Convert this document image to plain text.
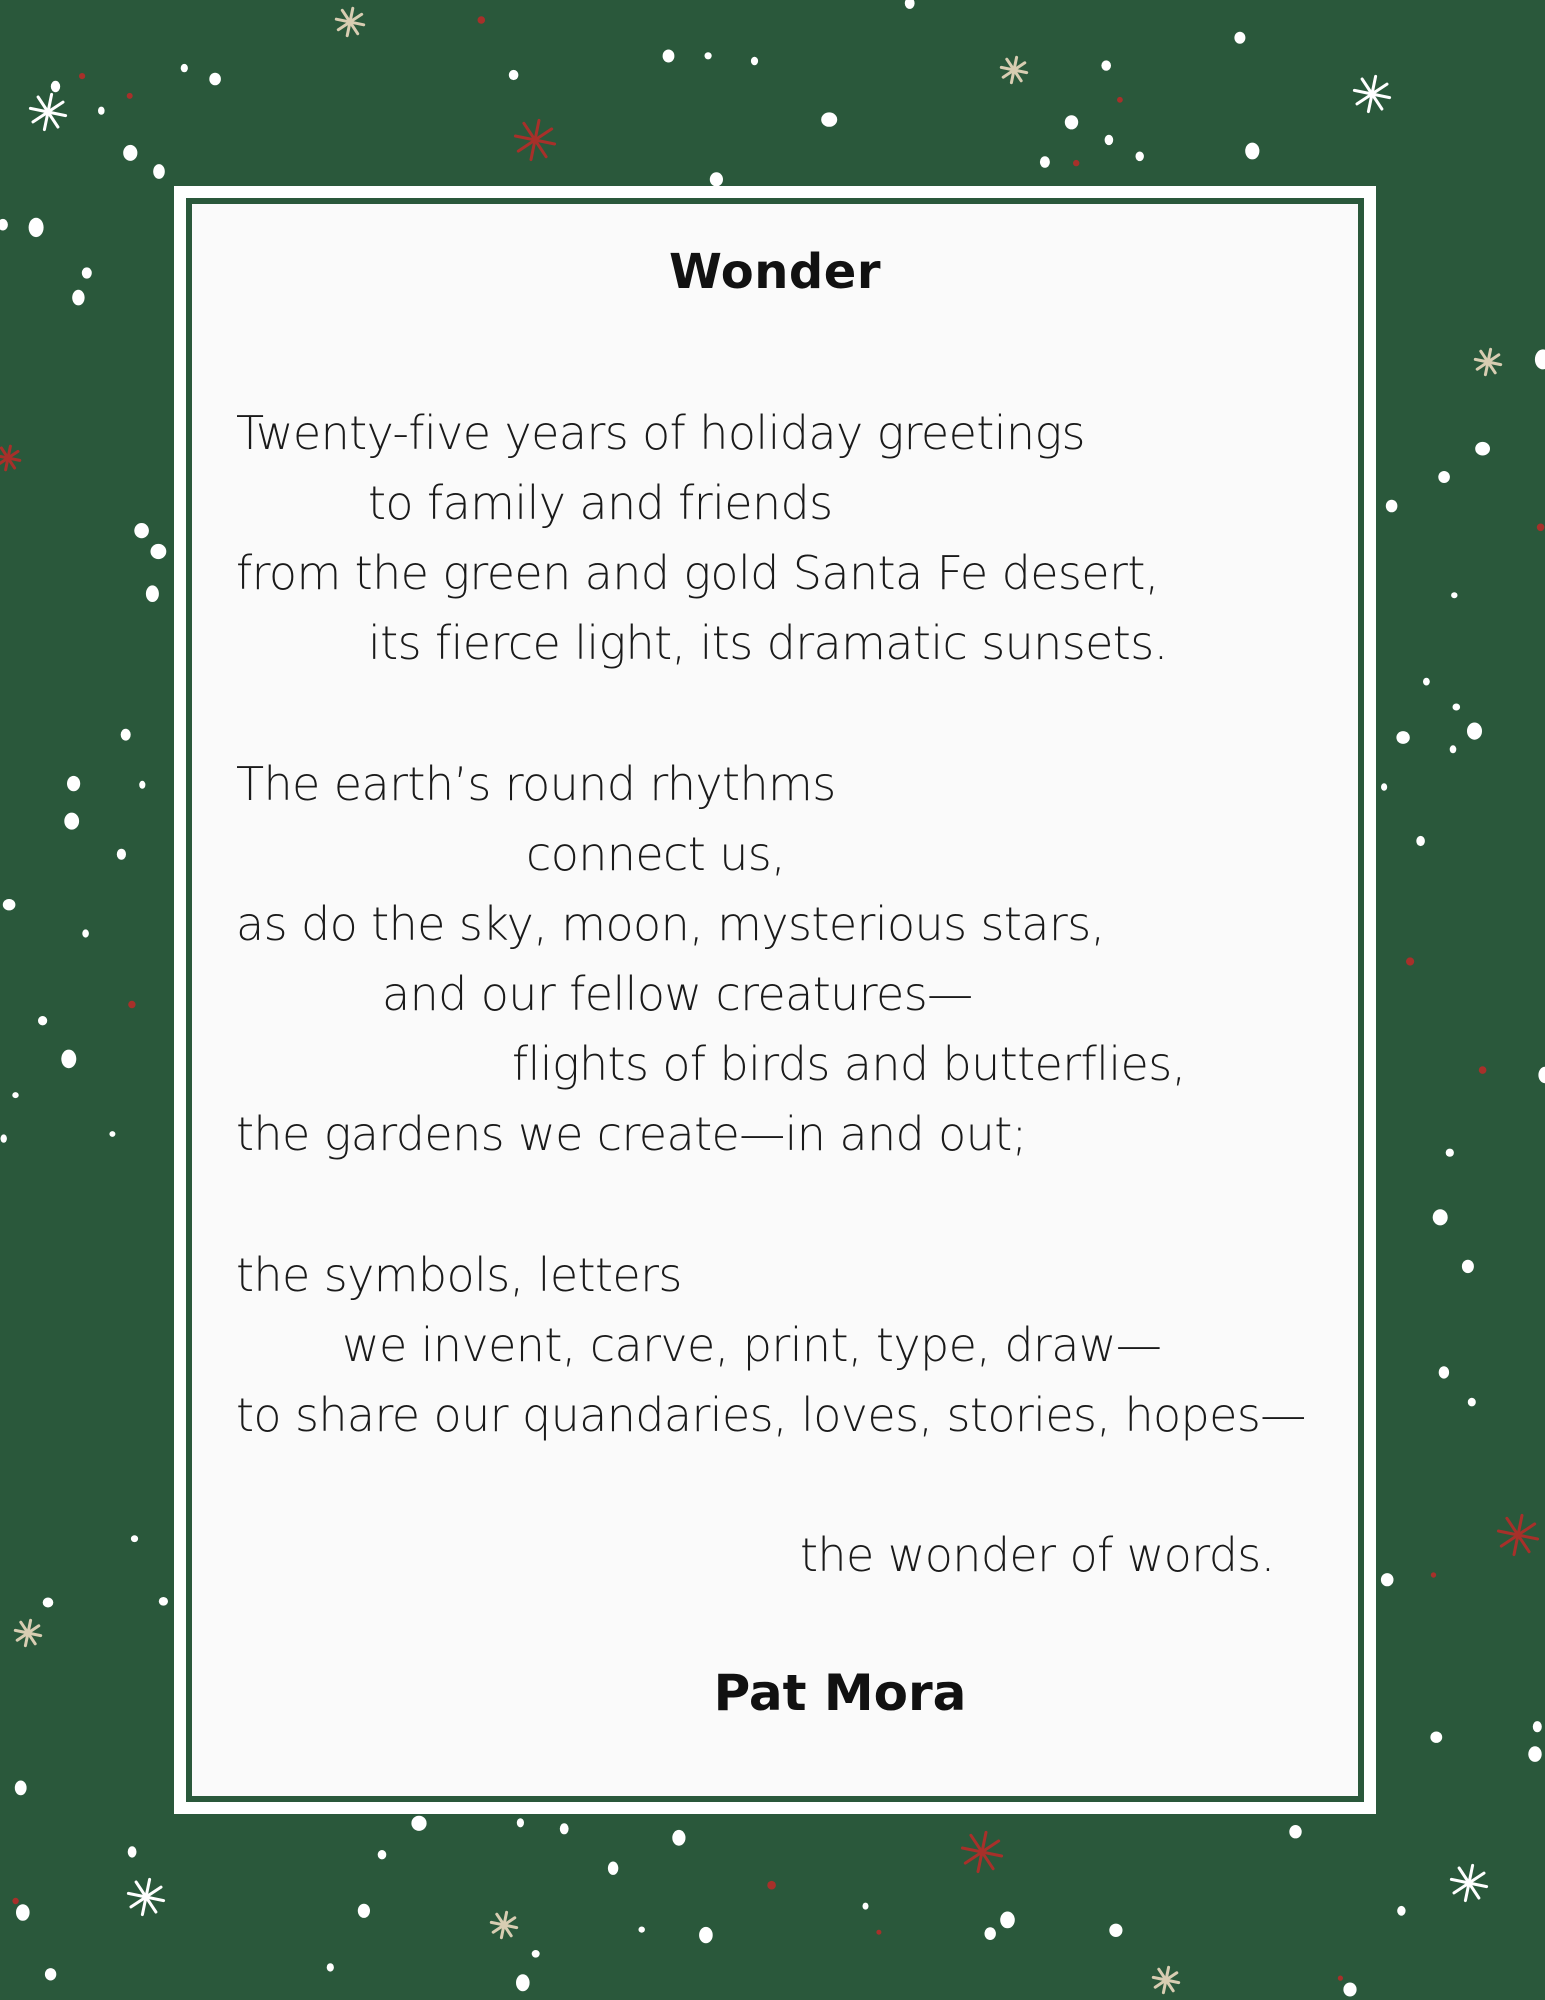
Wonder
Twenty-five years of holiday greetings
to family and friends
from the green and gold Santa Fe desert,
its fierce light, its dramatic sunsets.
The earth’s round rhythms
connect us,
as do the sky, moon, mysterious stars,
and our fellow creatures—
flights of birds and butterflies,
the gardens we create—in and out;
the symbols, letters
we invent, carve, print, type, draw—
to share our quandaries, loves, stories, hopes—
the wonder of words.
Pat Mora
